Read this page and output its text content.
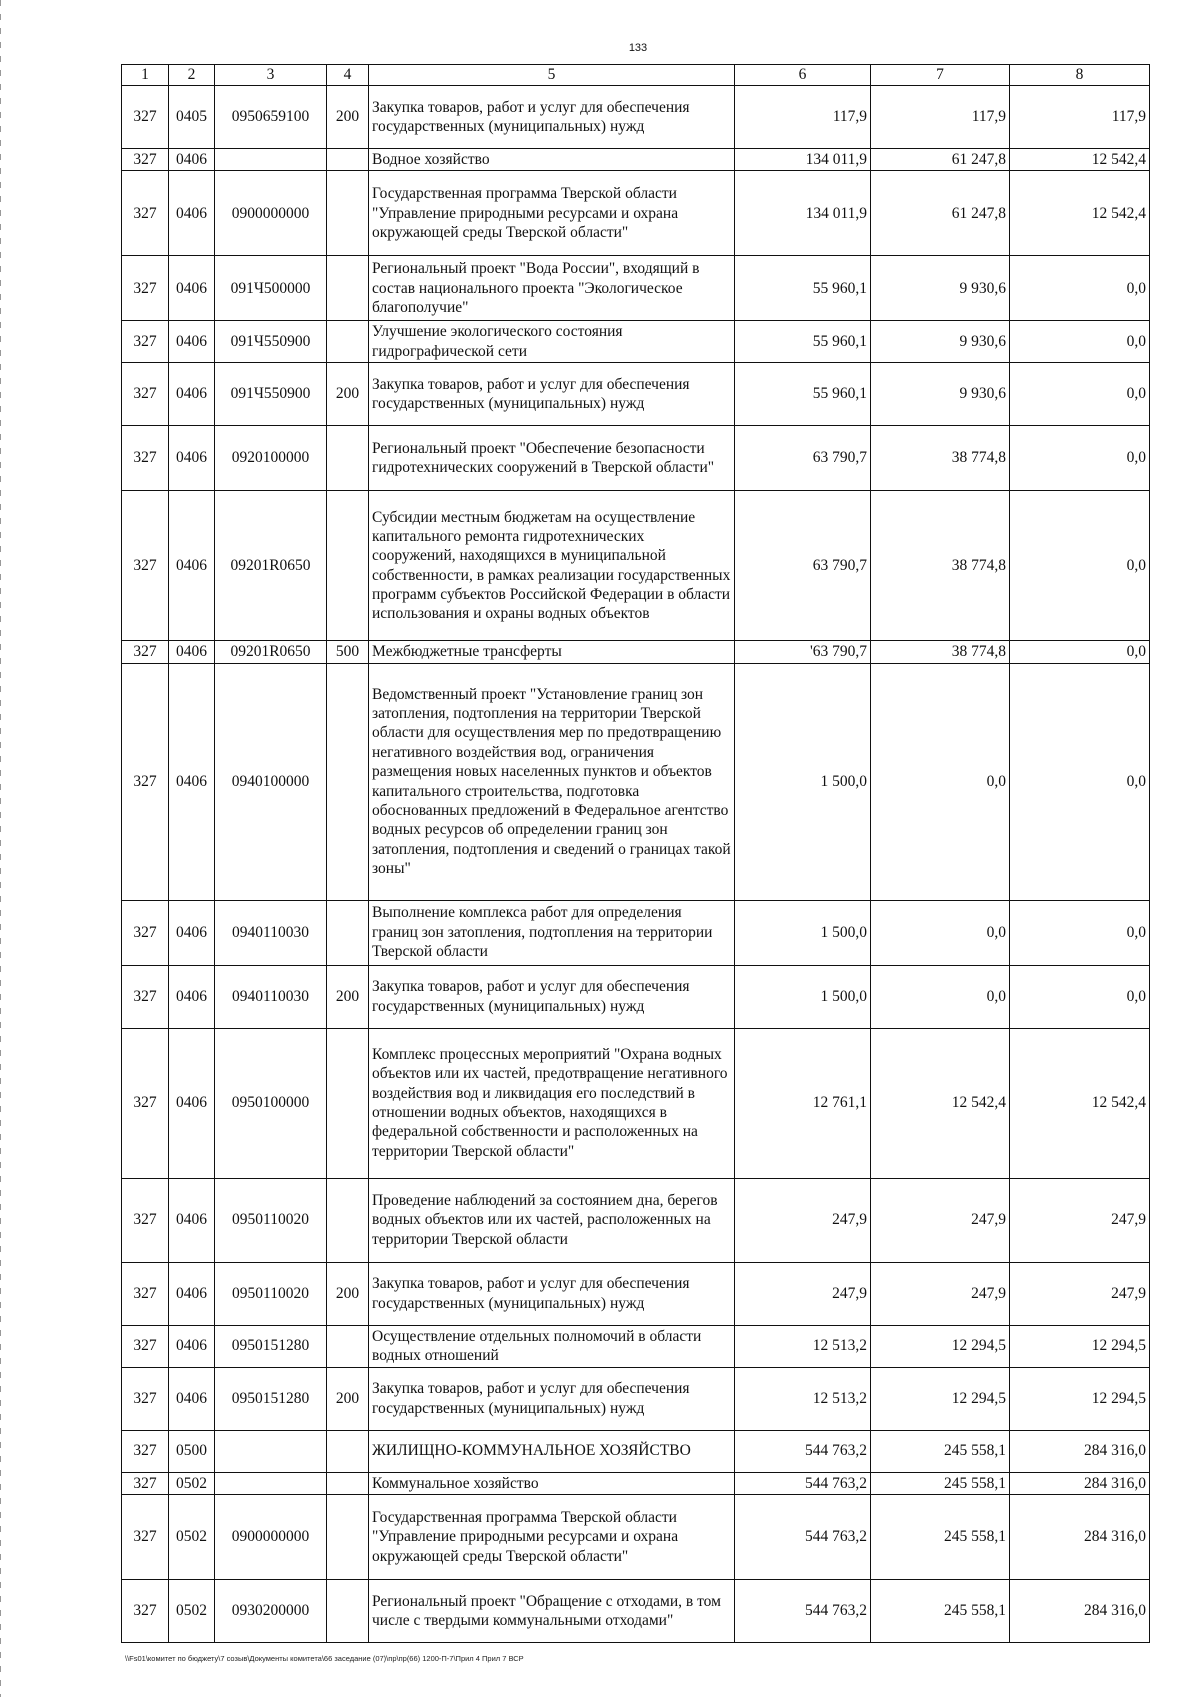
133
1	2	3	4	5	6	7	8
327	0405	0950659100	200	Закупка товаров, работ и услуг для обеспечения государственных (муниципальных) нужд	117,9	117,9	117,9
327	0406			Водное хозяйство	134 011,9	61 247,8	12 542,4
327	0406	0900000000		Государственная программа Тверской области "Управление природными ресурсами и охрана окружающей среды Тверской области"	134 011,9	61 247,8	12 542,4
327	0406	091Ч500000		Региональный проект "Вода России", входящий в состав национального проекта "Экологическое благополучие"	55 960,1	9 930,6	0,0
327	0406	091Ч550900		Улучшение экологического состояния гидрографической сети	55 960,1	9 930,6	0,0
327	0406	091Ч550900	200	Закупка товаров, работ и услуг для обеспечения государственных (муниципальных) нужд	55 960,1	9 930,6	0,0
327	0406	0920100000		Региональный проект "Обеспечение безопасности гидротехнических сооружений в Тверской области"	63 790,7	38 774,8	0,0
327	0406	09201R0650		Субсидии местным бюджетам на осуществление капитального ремонта гидротехнических сооружений, находящихся в муниципальной собственности, в рамках реализации государственных программ субъектов Российской Федерации в области использования и охраны водных объектов	63 790,7	38 774,8	0,0
327	0406	09201R0650	500	Межбюджетные трансферты	'63 790,7	38 774,8	0,0
327	0406	0940100000		Ведомственный проект "Установление границ зон затопления, подтопления на территории Тверской области для осуществления мер по предотвращению негативного воздействия вод, ограничения размещения новых населенных пунктов и объектов капитального строительства, подготовка обоснованных предложений в Федеральное агентство водных ресурсов об определении границ зон затопления, подтопления и сведений о границах такой зоны"	1 500,0	0,0	0,0
327	0406	0940110030		Выполнение комплекса работ для определения границ зон затопления, подтопления на территории Тверской области	1 500,0	0,0	0,0
327	0406	0940110030	200	Закупка товаров, работ и услуг для обеспечения государственных (муниципальных) нужд	1 500,0	0,0	0,0
327	0406	0950100000		Комплекс процессных мероприятий "Охрана водных объектов или их частей, предотвращение негативного воздействия вод и ликвидация его последствий в отношении водных объектов, находящихся в федеральной собственности и расположенных на территории Тверской области"	12 761,1	12 542,4	12 542,4
327	0406	0950110020		Проведение наблюдений за состоянием дна, берегов водных объектов или их частей, расположенных на территории Тверской области	247,9	247,9	247,9
327	0406	0950110020	200	Закупка товаров, работ и услуг для обеспечения государственных (муниципальных) нужд	247,9	247,9	247,9
327	0406	0950151280		Осуществление отдельных полномочий в области водных отношений	12 513,2	12 294,5	12 294,5
327	0406	0950151280	200	Закупка товаров, работ и услуг для обеспечения государственных (муниципальных) нужд	12 513,2	12 294,5	12 294,5
327	0500			ЖИЛИЩНО-КОММУНАЛЬНОЕ ХОЗЯЙСТВО	544 763,2	245 558,1	284 316,0
327	0502			Коммунальное хозяйство	544 763,2	245 558,1	284 316,0
327	0502	0900000000		Государственная программа Тверской области "Управление природными ресурсами и охрана окружающей среды Тверской области"	544 763,2	245 558,1	284 316,0
327	0502	0930200000		Региональный проект "Обращение с отходами, в том числе с твердыми коммунальными отходами"	544 763,2	245 558,1	284 316,0
\\Fs01\комитет по бюджету\7 созыв\Документы комитета\66 заседание (07)\пр\пр(66) 1200-П-7\Прил 4 Прил 7 ВСР
